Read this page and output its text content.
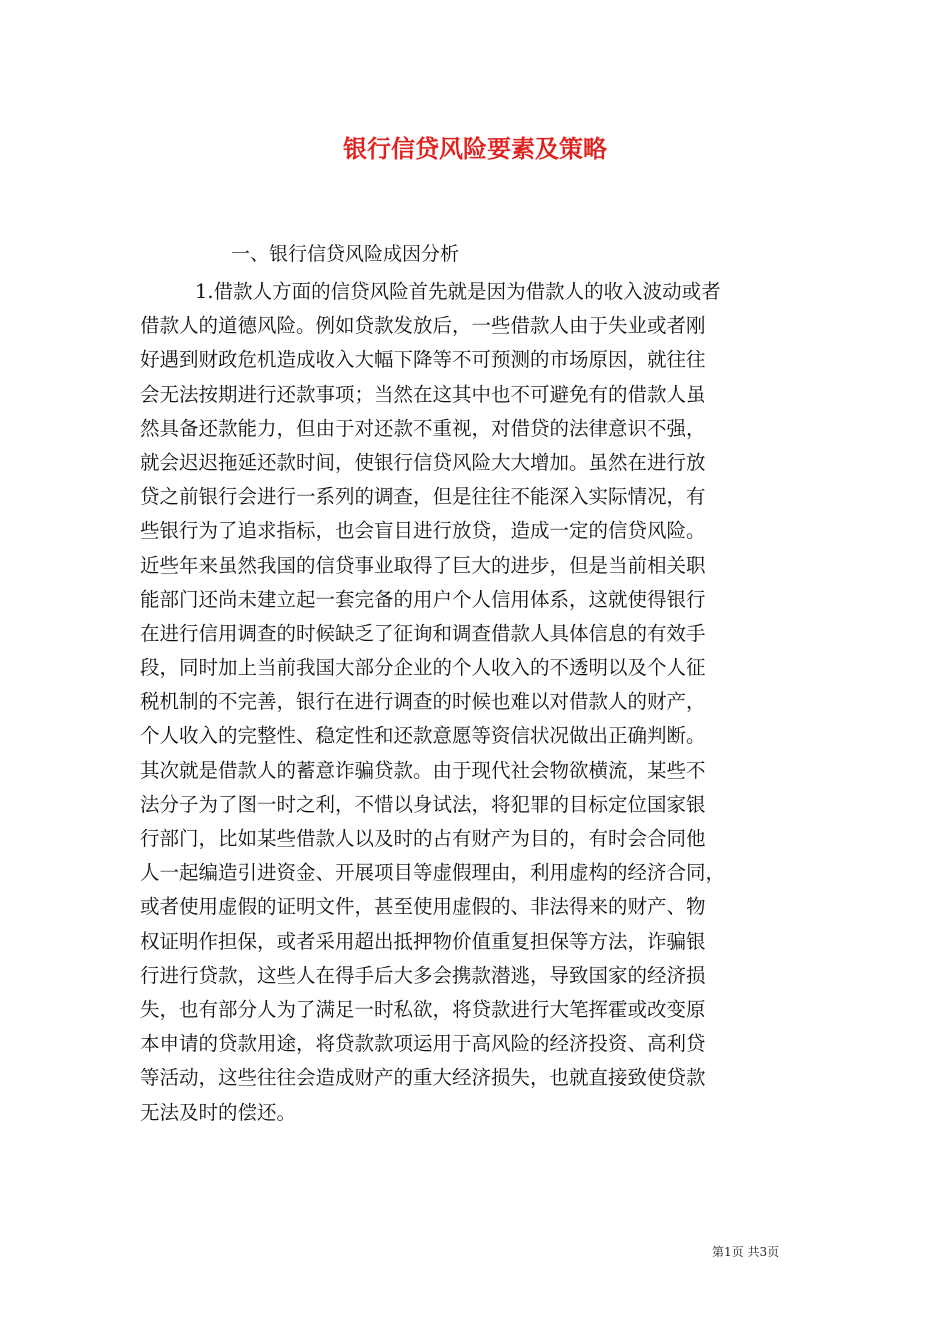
银行信贷风险要素及策略

一、银行信贷风险成因分析

1.借款人方面的信贷风险首先就是因为借款人的收入波动或者
借款人的道德风险。例如贷款发放后，一些借款人由于失业或者刚
好遇到财政危机造成收入大幅下降等不可预测的市场原因，就往往
会无法按期进行还款事项；当然在这其中也不可避免有的借款人虽
然具备还款能力，但由于对还款不重视，对借贷的法律意识不强，
就会迟迟拖延还款时间，使银行信贷风险大大增加。虽然在进行放
贷之前银行会进行一系列的调查，但是往往不能深入实际情况，有
些银行为了追求指标，也会盲目进行放贷，造成一定的信贷风险。
近些年来虽然我国的信贷事业取得了巨大的进步，但是当前相关职
能部门还尚未建立起一套完备的用户个人信用体系，这就使得银行
在进行信用调查的时候缺乏了征询和调查借款人具体信息的有效手
段，同时加上当前我国大部分企业的个人收入的不透明以及个人征
税机制的不完善，银行在进行调查的时候也难以对借款人的财产，
个人收入的完整性、稳定性和还款意愿等资信状况做出正确判断。
其次就是借款人的蓄意诈骗贷款。由于现代社会物欲横流，某些不
法分子为了图一时之利，不惜以身试法，将犯罪的目标定位国家银
行部门，比如某些借款人以及时的占有财产为目的，有时会合同他
人一起编造引进资金、开展项目等虚假理由，利用虚构的经济合同，
或者使用虚假的证明文件，甚至使用虚假的、非法得来的财产、物
权证明作担保，或者采用超出抵押物价值重复担保等方法，诈骗银
行进行贷款，这些人在得手后大多会携款潜逃，导致国家的经济损
失，也有部分人为了满足一时私欲，将贷款进行大笔挥霍或改变原
本申请的贷款用途，将贷款款项运用于高风险的经济投资、高利贷
等活动，这些往往会造成财产的重大经济损失，也就直接致使贷款
无法及时的偿还。
第1页 共3页
